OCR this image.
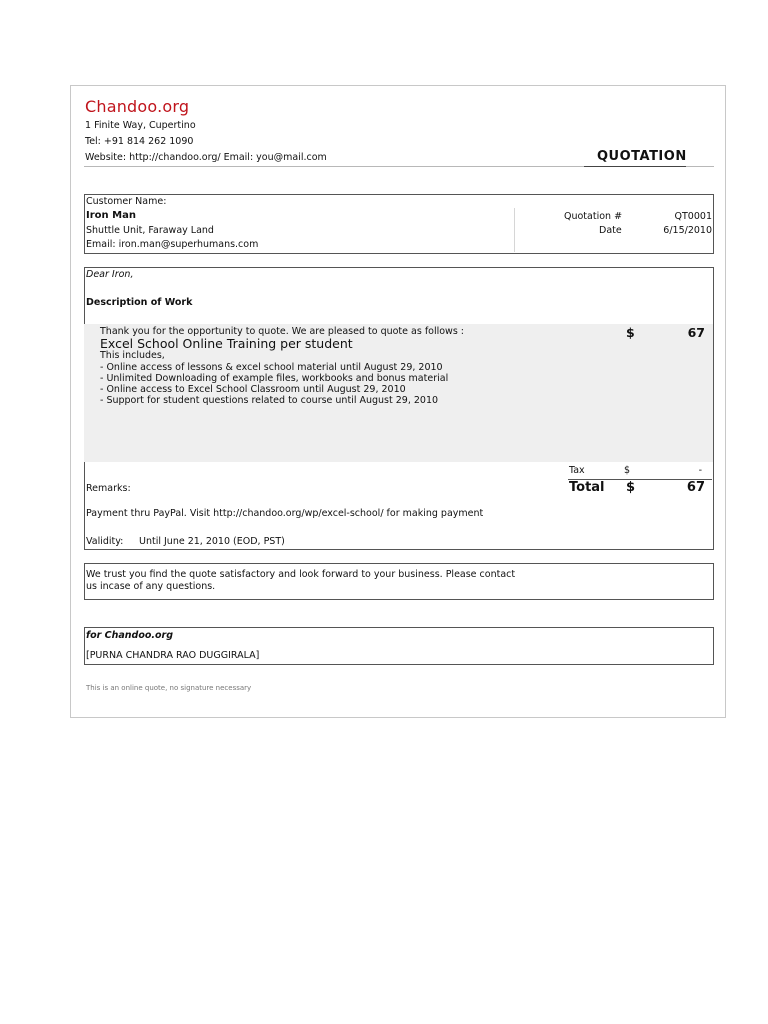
Chandoo.org
1 Finite Way, Cupertino
Tel: +91 814 262 1090
Website: http://chandoo.org/ Email: you@mail.com	QUOTATION
Customer Name:
Iron Man
Shuttle Unit, Faraway Land
Email: iron.man@superhumans.com
Quotation #	QT0001
Date	6/15/2010
Dear Iron,
Description of Work
Thank you for the opportunity to quote. We are pleased to quote as follows :
Excel School Online Training per student
This includes,
- Online access of lessons & excel school material until August 29, 2010
- Unlimited Downloading of example files, workbooks and bonus material
- Online access to Excel School Classroom until August 29, 2010
- Support for student questions related to course until August 29, 2010
$	67
Tax	$	-
Total $	67
Remarks:
Payment thru PayPal. Visit http://chandoo.org/wp/excel-school/ for making payment
Validity: Until June 21, 2010 (EOD, PST)
We trust you find the quote satisfactory and look forward to your business. Please contact
us incase of any questions.
for Chandoo.org
[PURNA CHANDRA RAO DUGGIRALA]
This is an online quote, no signature necessary
